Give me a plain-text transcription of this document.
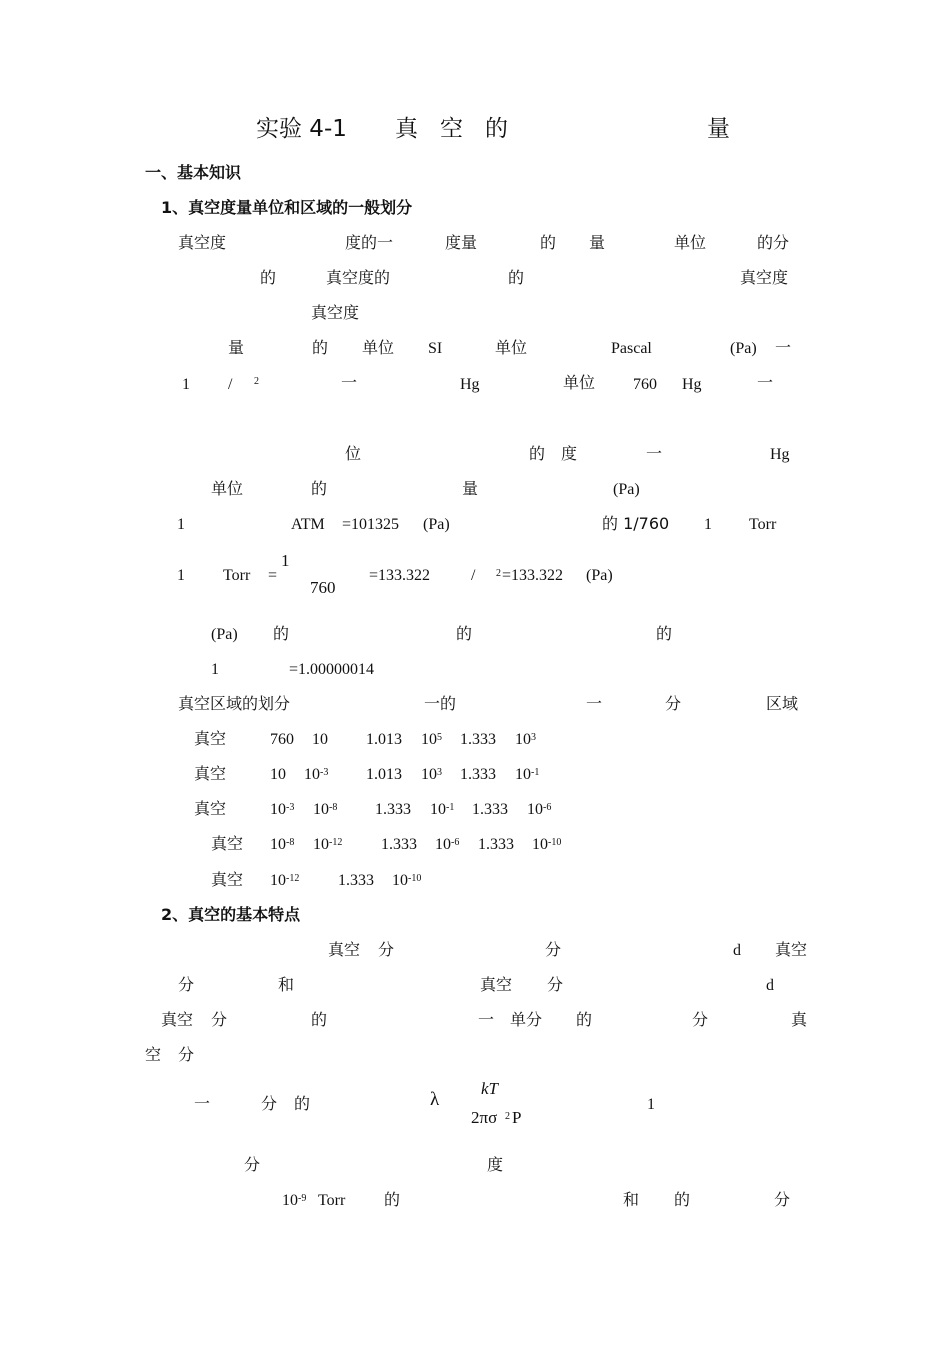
实验 4-1 真 空 的	量
一、基本知识
1、真空度量单位和区域的一般划分
真空度	度的一	度量	的 量	单位	的分
的	真空度的	的	真空度
真空度
量	的 单位 SI	单位	Pascal	(Pa) 一
1 / 2	一	Hg	单位 760 Hg	一
位	的 度	一	Hg
单位	的	量	(Pa)
1	ATM =101325 (Pa)	的 1/760 1 Torr
1 Torr =
1
760
=133.322	/ 2 =133.322 (Pa)
(Pa) 的	的	的
1	=1.00000014
真空区域的划分	一的	一	分	区域
真空	760 10 1.013 10 5 1.333 10 3
真空	10 10 -3 1.013 10 3 1.333 10 -1
真空	10 -3 10 -8 1.333 10 -1 1.333 10 -6
真空 10 -8 10 -12 1.333 10 -6 1.333 10 -10
真空 10 -12 1.333 10 -10
2、真空的基本特点
真空 分	分	d 真空
分	和	真空 分	d
真空 分	的	一 单分 的	分	真
空 分
一	分 的	λ
kT
2πσ 2 P
1
分	度
10 -9 Torr 的	和 的	分
